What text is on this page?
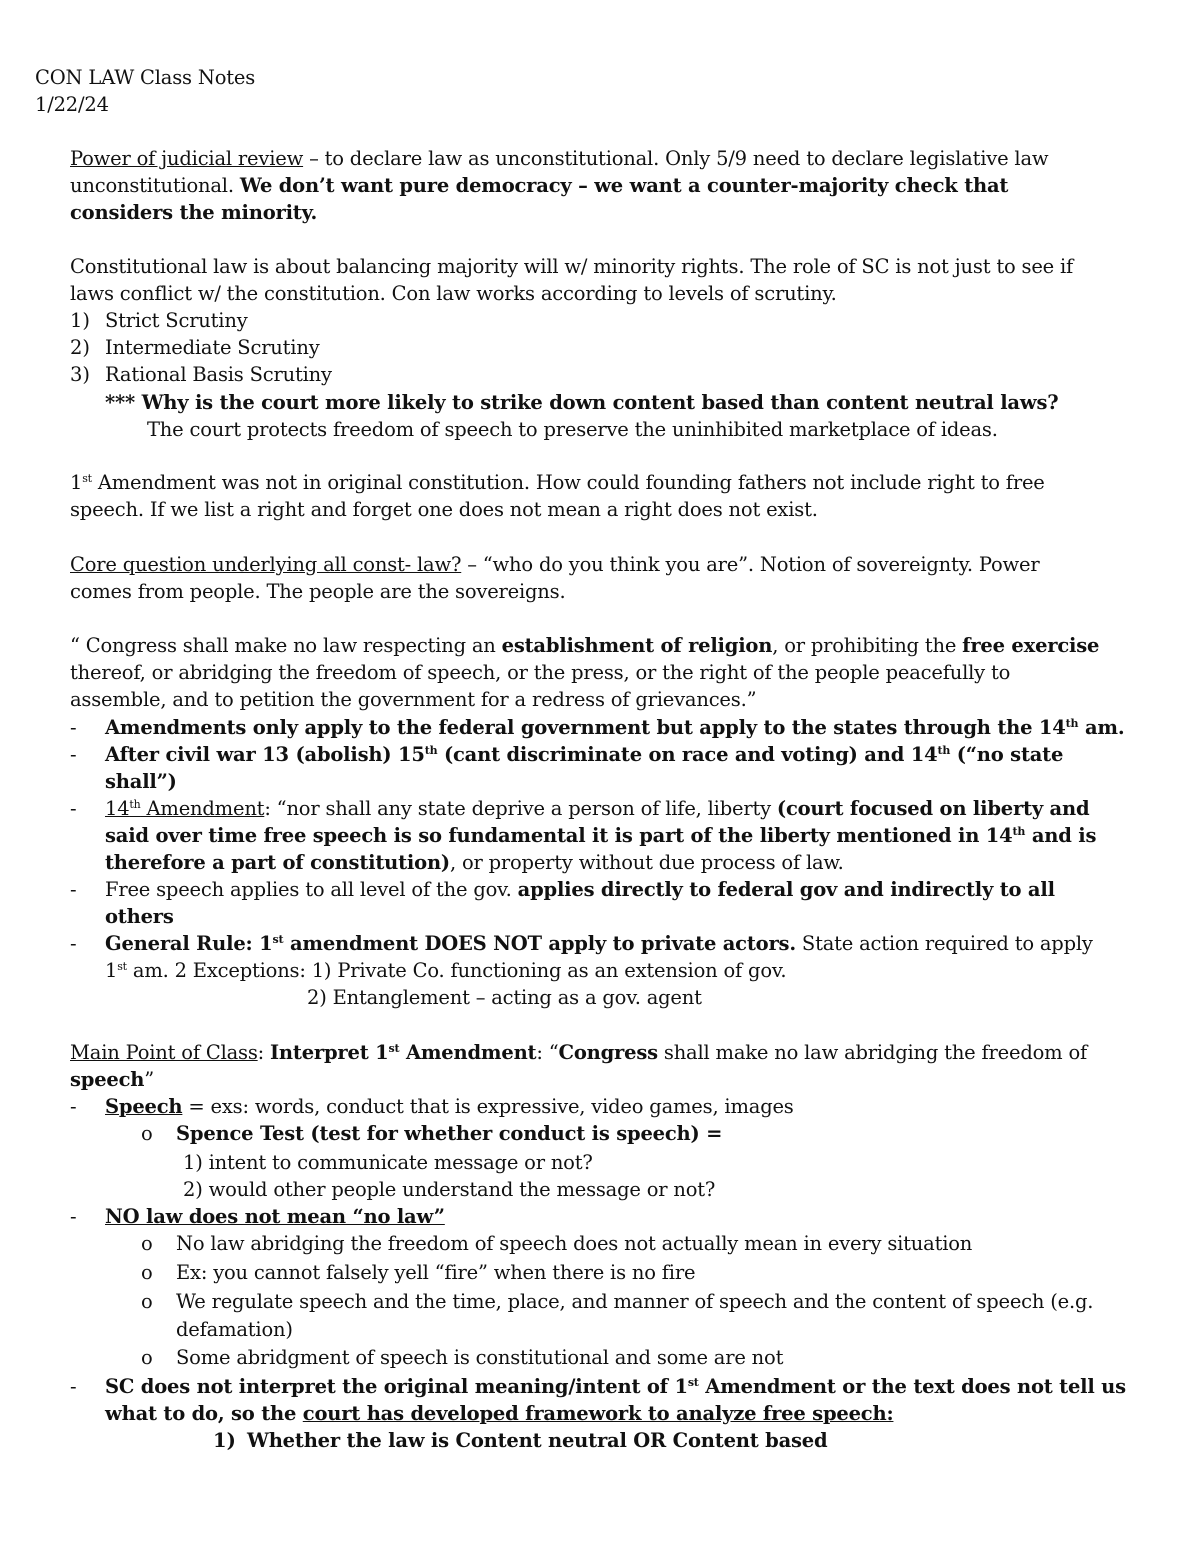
CON LAW Class Notes
1/22/24
Power of judicial review – to declare law as unconstitutional. Only 5/9 need to declare legislative law
unconstitutional. We don’t want pure democracy – we want a counter-majority check that
considers the minority.
Constitutional law is about balancing majority will w/ minority rights. The role of SC is not just to see if
laws conflict w/ the constitution. Con law works according to levels of scrutiny.
1) Strict Scrutiny
2) Intermediate Scrutiny
3) Rational Basis Scrutiny
*** Why is the court more likely to strike down content based than content neutral laws?
The court protects freedom of speech to preserve the uninhibited marketplace of ideas.
1st Amendment was not in original constitution. How could founding fathers not include right to free
speech. If we list a right and forget one does not mean a right does not exist.
Core question underlying all const- law? – “who do you think you are”. Notion of sovereignty. Power
comes from people. The people are the sovereigns.
“ Congress shall make no law respecting an establishment of religion, or prohibiting the free exercise
thereof, or abridging the freedom of speech, or the press, or the right of the people peacefully to
assemble, and to petition the government for a redress of grievances.”
- Amendments only apply to the federal government but apply to the states through the 14th am.
- After civil war 13 (abolish) 15th (cant discriminate on race and voting) and 14th (“no state
shall”)
- 14th Amendment: “nor shall any state deprive a person of life, liberty (court focused on liberty and
said over time free speech is so fundamental it is part of the liberty mentioned in 14th and is
therefore a part of constitution), or property without due process of law.
- Free speech applies to all level of the gov. applies directly to federal gov and indirectly to all
others
- General Rule: 1st amendment DOES NOT apply to private actors. State action required to apply
1st am. 2 Exceptions: 1) Private Co. functioning as an extension of gov.
2) Entanglement – acting as a gov. agent
Main Point of Class: Interpret 1st Amendment: “Congress shall make no law abridging the freedom of
speech”
- Speech = exs: words, conduct that is expressive, video games, images
o Spence Test (test for whether conduct is speech) =
1) intent to communicate message or not?
2) would other people understand the message or not?
- NO law does not mean “no law”
o No law abridging the freedom of speech does not actually mean in every situation
o Ex: you cannot falsely yell “fire” when there is no fire
o We regulate speech and the time, place, and manner of speech and the content of speech (e.g.
defamation)
o Some abridgment of speech is constitutional and some are not
- SC does not interpret the original meaning/intent of 1st Amendment or the text does not tell us
what to do, so the court has developed framework to analyze free speech:
1) Whether the law is Content neutral OR Content based
